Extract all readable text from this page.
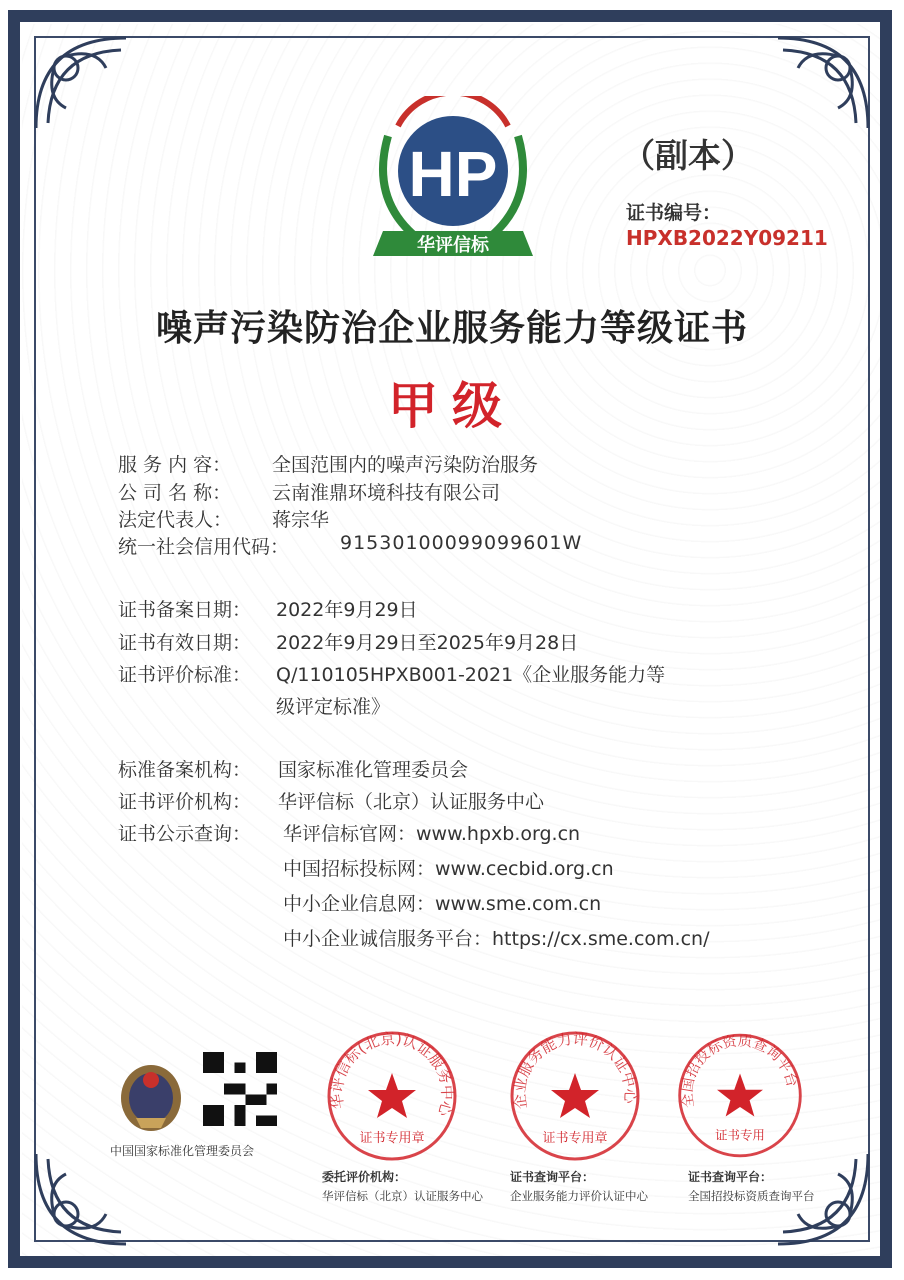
HP
华评信标
（副本）
证书编号：
HPXB2022Y09211
噪声污染防治企业服务能力等级证书
甲级
服 务 内 容： 全国范围内的噪声污染防治服务
公 司 名 称： 云南淮鼎环境科技有限公司
法定代表人： 蒋宗华
统一社会信用代码：	91530100099099601W
证书备案日期： 2022年9月29日
证书有效日期： 2022年9月29日至2025年9月28日
证书评价标准： Q/110105HPXB001-2021《企业服务能力等
级评定标准》
标准备案机构： 国家标准化管理委员会
证书评价机构： 华评信标（北京）认证服务中心
证书公示查询： 华评信标官网：www.hpxb.org.cn
中国招标投标网：www.cecbid.org.cn
中小企业信息网：www.sme.com.cn
中小企业诚信服务平台：https://cx.sme.com.cn/
中国国家标准化管理委员会
华评信标(北京)认证服务中心
证书专用章
企业服务能力评价认证中心
证书专用章
全国招投标资质查询平台
证书专用
委托评价机构：
华评信标（北京）认证服务中心
证书查询平台：
企业服务能力评价认证中心
证书查询平台：
全国招投标资质查询平台
